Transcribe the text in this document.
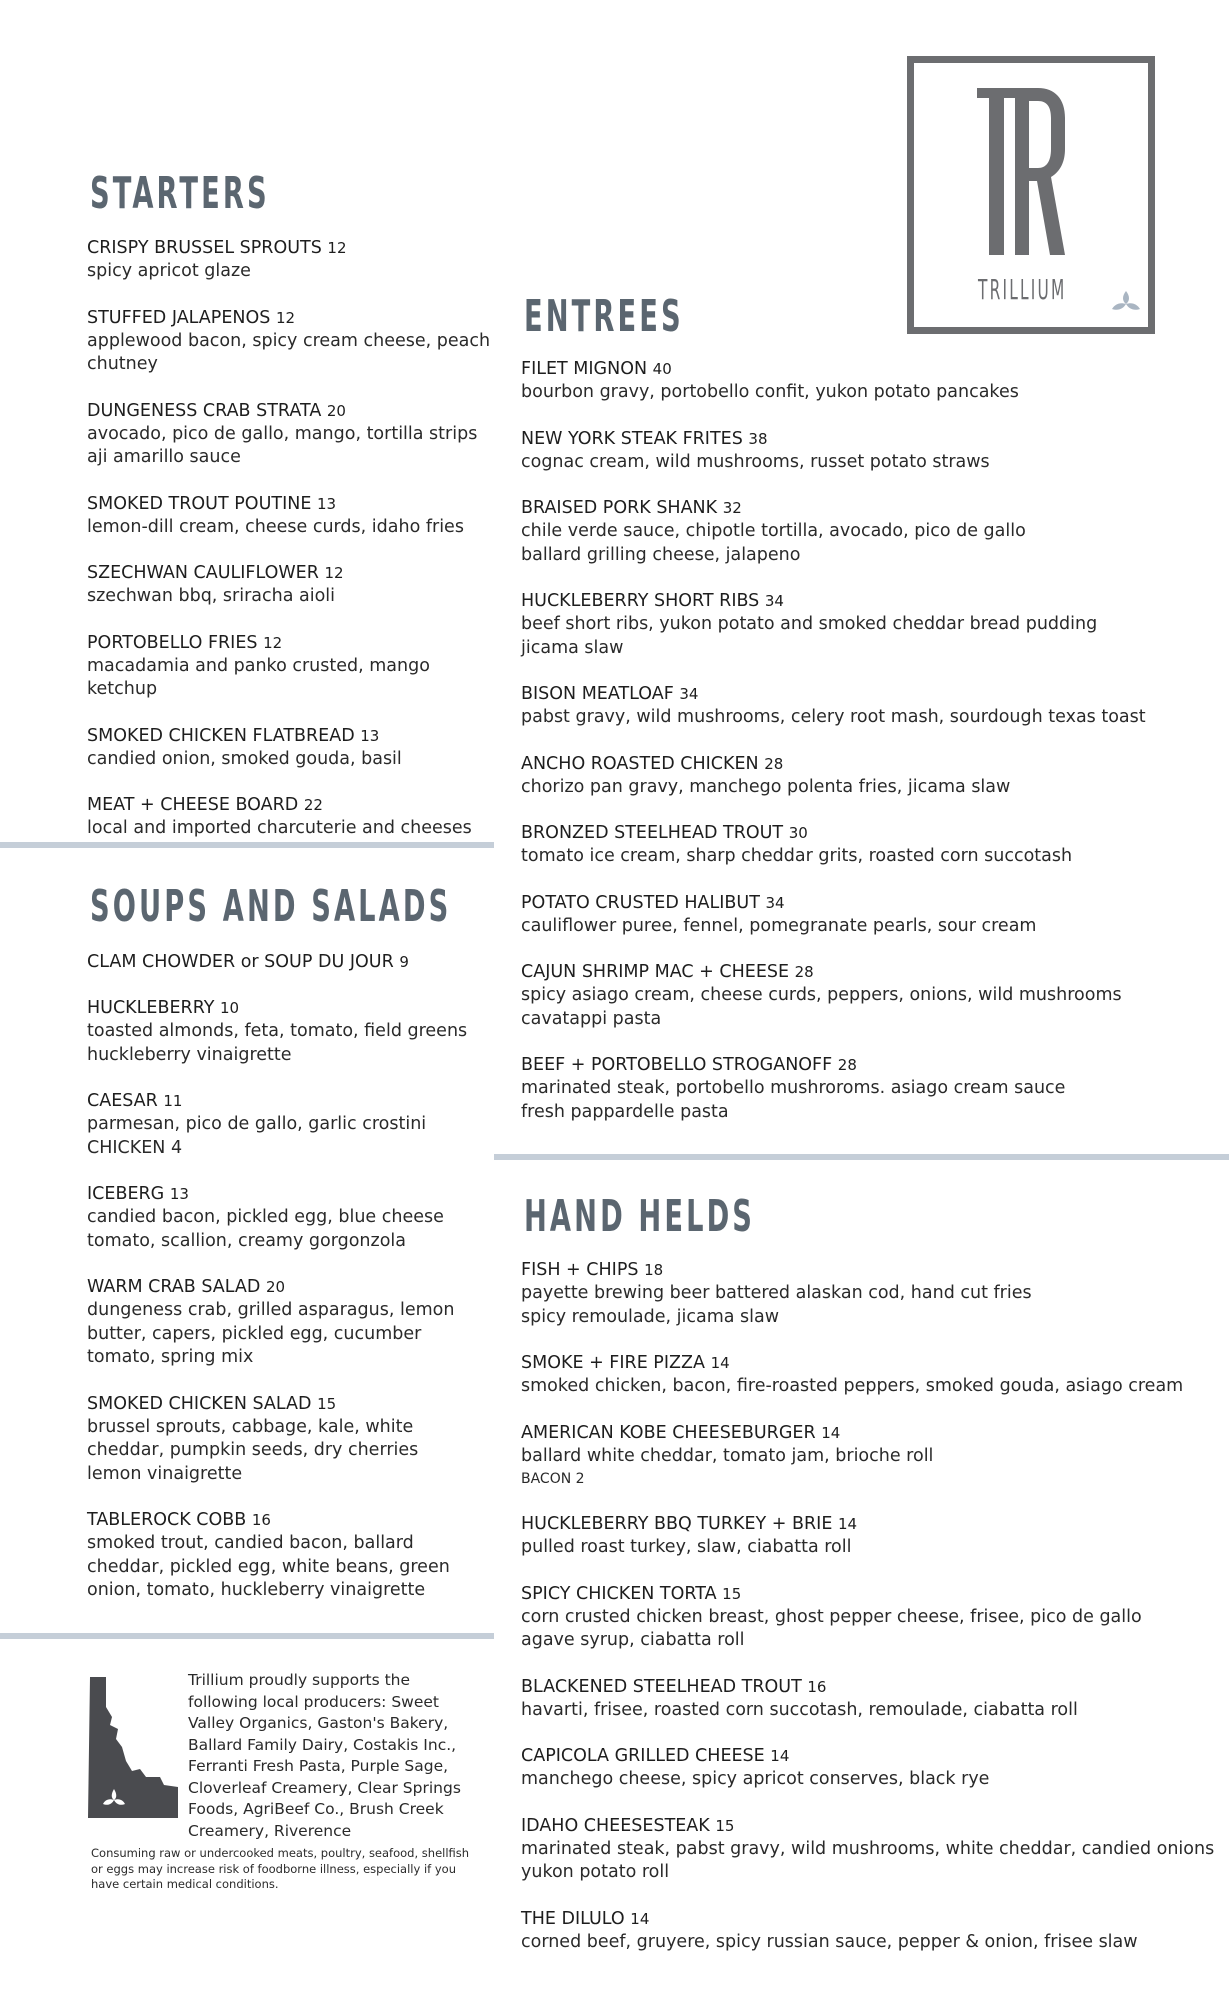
TRILLIUM
STARTERS
CRISPY BRUSSEL SPROUTS 12
spicy apricot glaze
STUFFED JALAPENOS 12
applewood bacon, spicy cream cheese, peach
chutney
DUNGENESS CRAB STRATA 20
avocado, pico de gallo, mango, tortilla strips
aji amarillo sauce
SMOKED TROUT POUTINE 13
lemon-dill cream, cheese curds, idaho fries
SZECHWAN CAULIFLOWER 12
szechwan bbq, sriracha aioli
PORTOBELLO FRIES 12
macadamia and panko crusted, mango ketchup
SMOKED CHICKEN FLATBREAD 13
candied onion, smoked gouda, basil
MEAT + CHEESE BOARD 22
local and imported charcuterie and cheeses
SOUPS AND SALADS
CLAM CHOWDER or SOUP DU JOUR 9
HUCKLEBERRY 10
toasted almonds, feta, tomato, field greens
huckleberry vinaigrette
CAESAR 11
parmesan, pico de gallo, garlic crostini
CHICKEN 4
ICEBERG 13
candied bacon, pickled egg, blue cheese
tomato, scallion, creamy gorgonzola
WARM CRAB SALAD 20
dungeness crab, grilled asparagus, lemon
butter, capers, pickled egg, cucumber
tomato, spring mix
SMOKED CHICKEN SALAD 15
brussel sprouts, cabbage, kale, white
cheddar, pumpkin seeds, dry cherries
lemon vinaigrette
TABLEROCK COBB 16
smoked trout, candied bacon, ballard
cheddar, pickled egg, white beans, green
onion, tomato, huckleberry vinaigrette
ENTREES
FILET MIGNON 40
bourbon gravy, portobello confit, yukon potato pancakes
NEW YORK STEAK FRITES 38
cognac cream, wild mushrooms, russet potato straws
BRAISED PORK SHANK 32
chile verde sauce, chipotle tortilla, avocado, pico de gallo
ballard grilling cheese, jalapeno
HUCKLEBERRY SHORT RIBS 34
beef short ribs, yukon potato and smoked cheddar bread pudding
jicama slaw
BISON MEATLOAF 34
pabst gravy, wild mushrooms, celery root mash, sourdough texas toast
ANCHO ROASTED CHICKEN 28
chorizo pan gravy, manchego polenta fries, jicama slaw
BRONZED STEELHEAD TROUT 30
tomato ice cream, sharp cheddar grits, roasted corn succotash
POTATO CRUSTED HALIBUT 34
cauliflower puree, fennel, pomegranate pearls, sour cream
CAJUN SHRIMP MAC + CHEESE 28
spicy asiago cream, cheese curds, peppers, onions, wild mushrooms
cavatappi pasta
BEEF + PORTOBELLO STROGANOFF 28
marinated steak, portobello mushroroms. asiago cream sauce
fresh pappardelle pasta
HAND HELDS
FISH + CHIPS 18
payette brewing beer battered alaskan cod, hand cut fries
spicy remoulade, jicama slaw
SMOKE + FIRE PIZZA 14
smoked chicken, bacon, fire-roasted peppers, smoked gouda, asiago cream
AMERICAN KOBE CHEESEBURGER 14
ballard white cheddar, tomato jam, brioche roll
BACON 2
HUCKLEBERRY BBQ TURKEY + BRIE 14
pulled roast turkey, slaw, ciabatta roll
SPICY CHICKEN TORTA 15
corn crusted chicken breast, ghost pepper cheese, frisee, pico de gallo
agave syrup, ciabatta roll
BLACKENED STEELHEAD TROUT 16
havarti, frisee, roasted corn succotash, remoulade, ciabatta roll
CAPICOLA GRILLED CHEESE 14
manchego cheese, spicy apricot conserves, black rye
IDAHO CHEESESTEAK 15
marinated steak, pabst gravy, wild mushrooms, white cheddar, candied onions
yukon potato roll
THE DILULO 14
corned beef, gruyere, spicy russian sauce, pepper & onion, frisee slaw
Trillium proudly supports the following local producers: Sweet Valley Organics, Gaston's Bakery, Ballard Family Dairy, Costakis Inc., Ferranti Fresh Pasta, Purple Sage, Cloverleaf Creamery, Clear Springs Foods, AgriBeef Co., Brush Creek Creamery, Riverence
Consuming raw or undercooked meats, poultry, seafood, shellfish or eggs may increase risk of foodborne illness, especially if you have certain medical conditions.
